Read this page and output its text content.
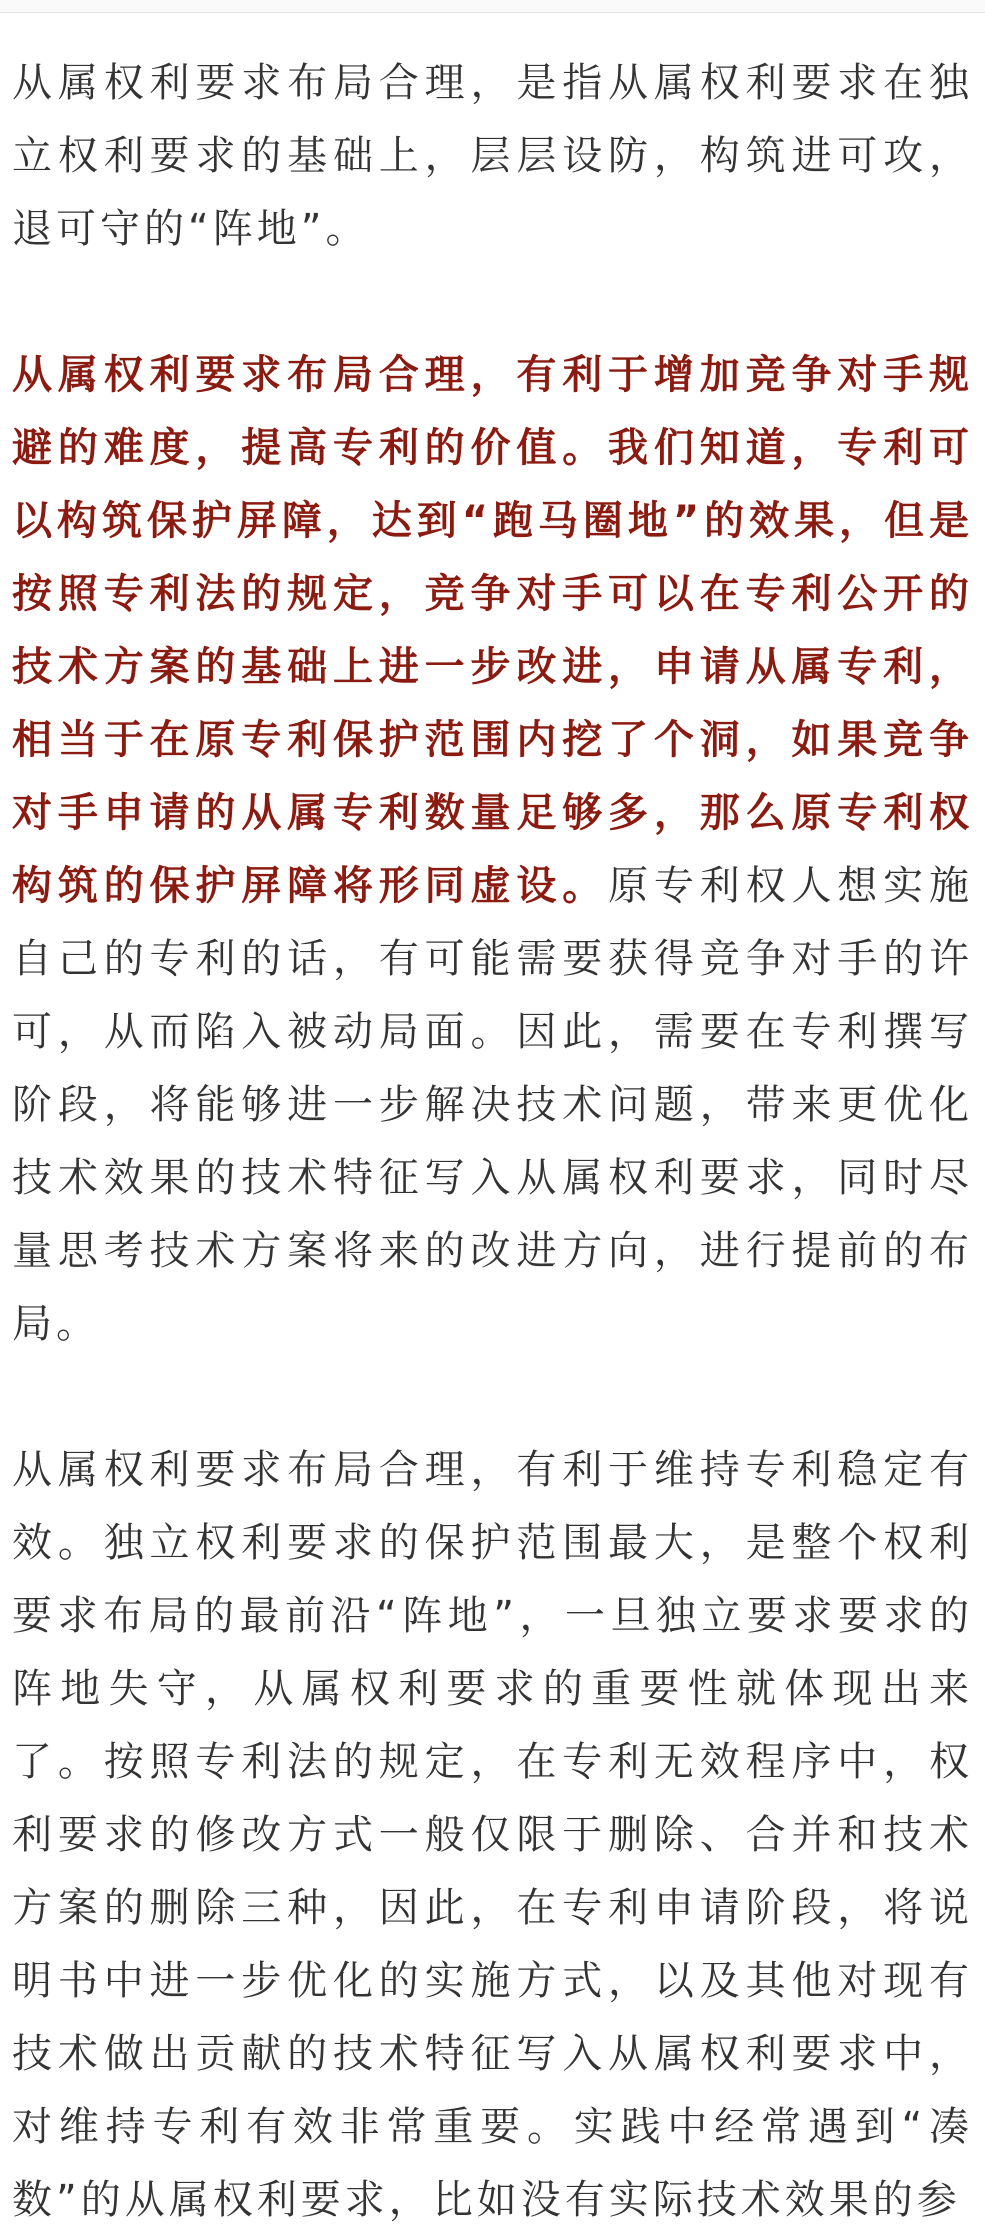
从属权利要求布局合理，是指从属权利要求在独立权利要求的基础上，层层设防，构筑进可攻，退可守的“阵地”。

从属权利要求布局合理，有利于增加竞争对手规避的难度，提高专利的价值。我们知道，专利可以构筑保护屏障，达到“跑马圈地”的效果，但是按照专利法的规定，竞争对手可以在专利公开的技术方案的基础上进一步改进，申请从属专利，相当于在原专利保护范围内挖了个洞，如果竞争对手申请的从属专利数量足够多，那么原专利权构筑的保护屏障将形同虚设。原专利权人想实施自己的专利的话，有可能需要获得竞争对手的许可，从而陷入被动局面。因此，需要在专利撰写阶段，将能够进一步解决技术问题，带来更优化技术效果的技术特征写入从属权利要求，同时尽量思考技术方案将来的改进方向，进行提前的布局。

从属权利要求布局合理，有利于维持专利稳定有效。独立权利要求的保护范围最大，是整个权利要求布局的最前沿“阵地”，一旦独立要求要求的阵地失守，从属权利要求的重要性就体现出来了。按照专利法的规定，在专利无效程序中，权利要求的修改方式一般仅限于删除、合并和技术方案的删除三种，因此，在专利申请阶段，将说明书中进一步优化的实施方式，以及其他对现有技术做出贡献的技术特征写入从属权利要求中，对维持专利有效非常重要。实践中经常遇到“凑数”的从属权利要求，比如没有实际技术效果的参
